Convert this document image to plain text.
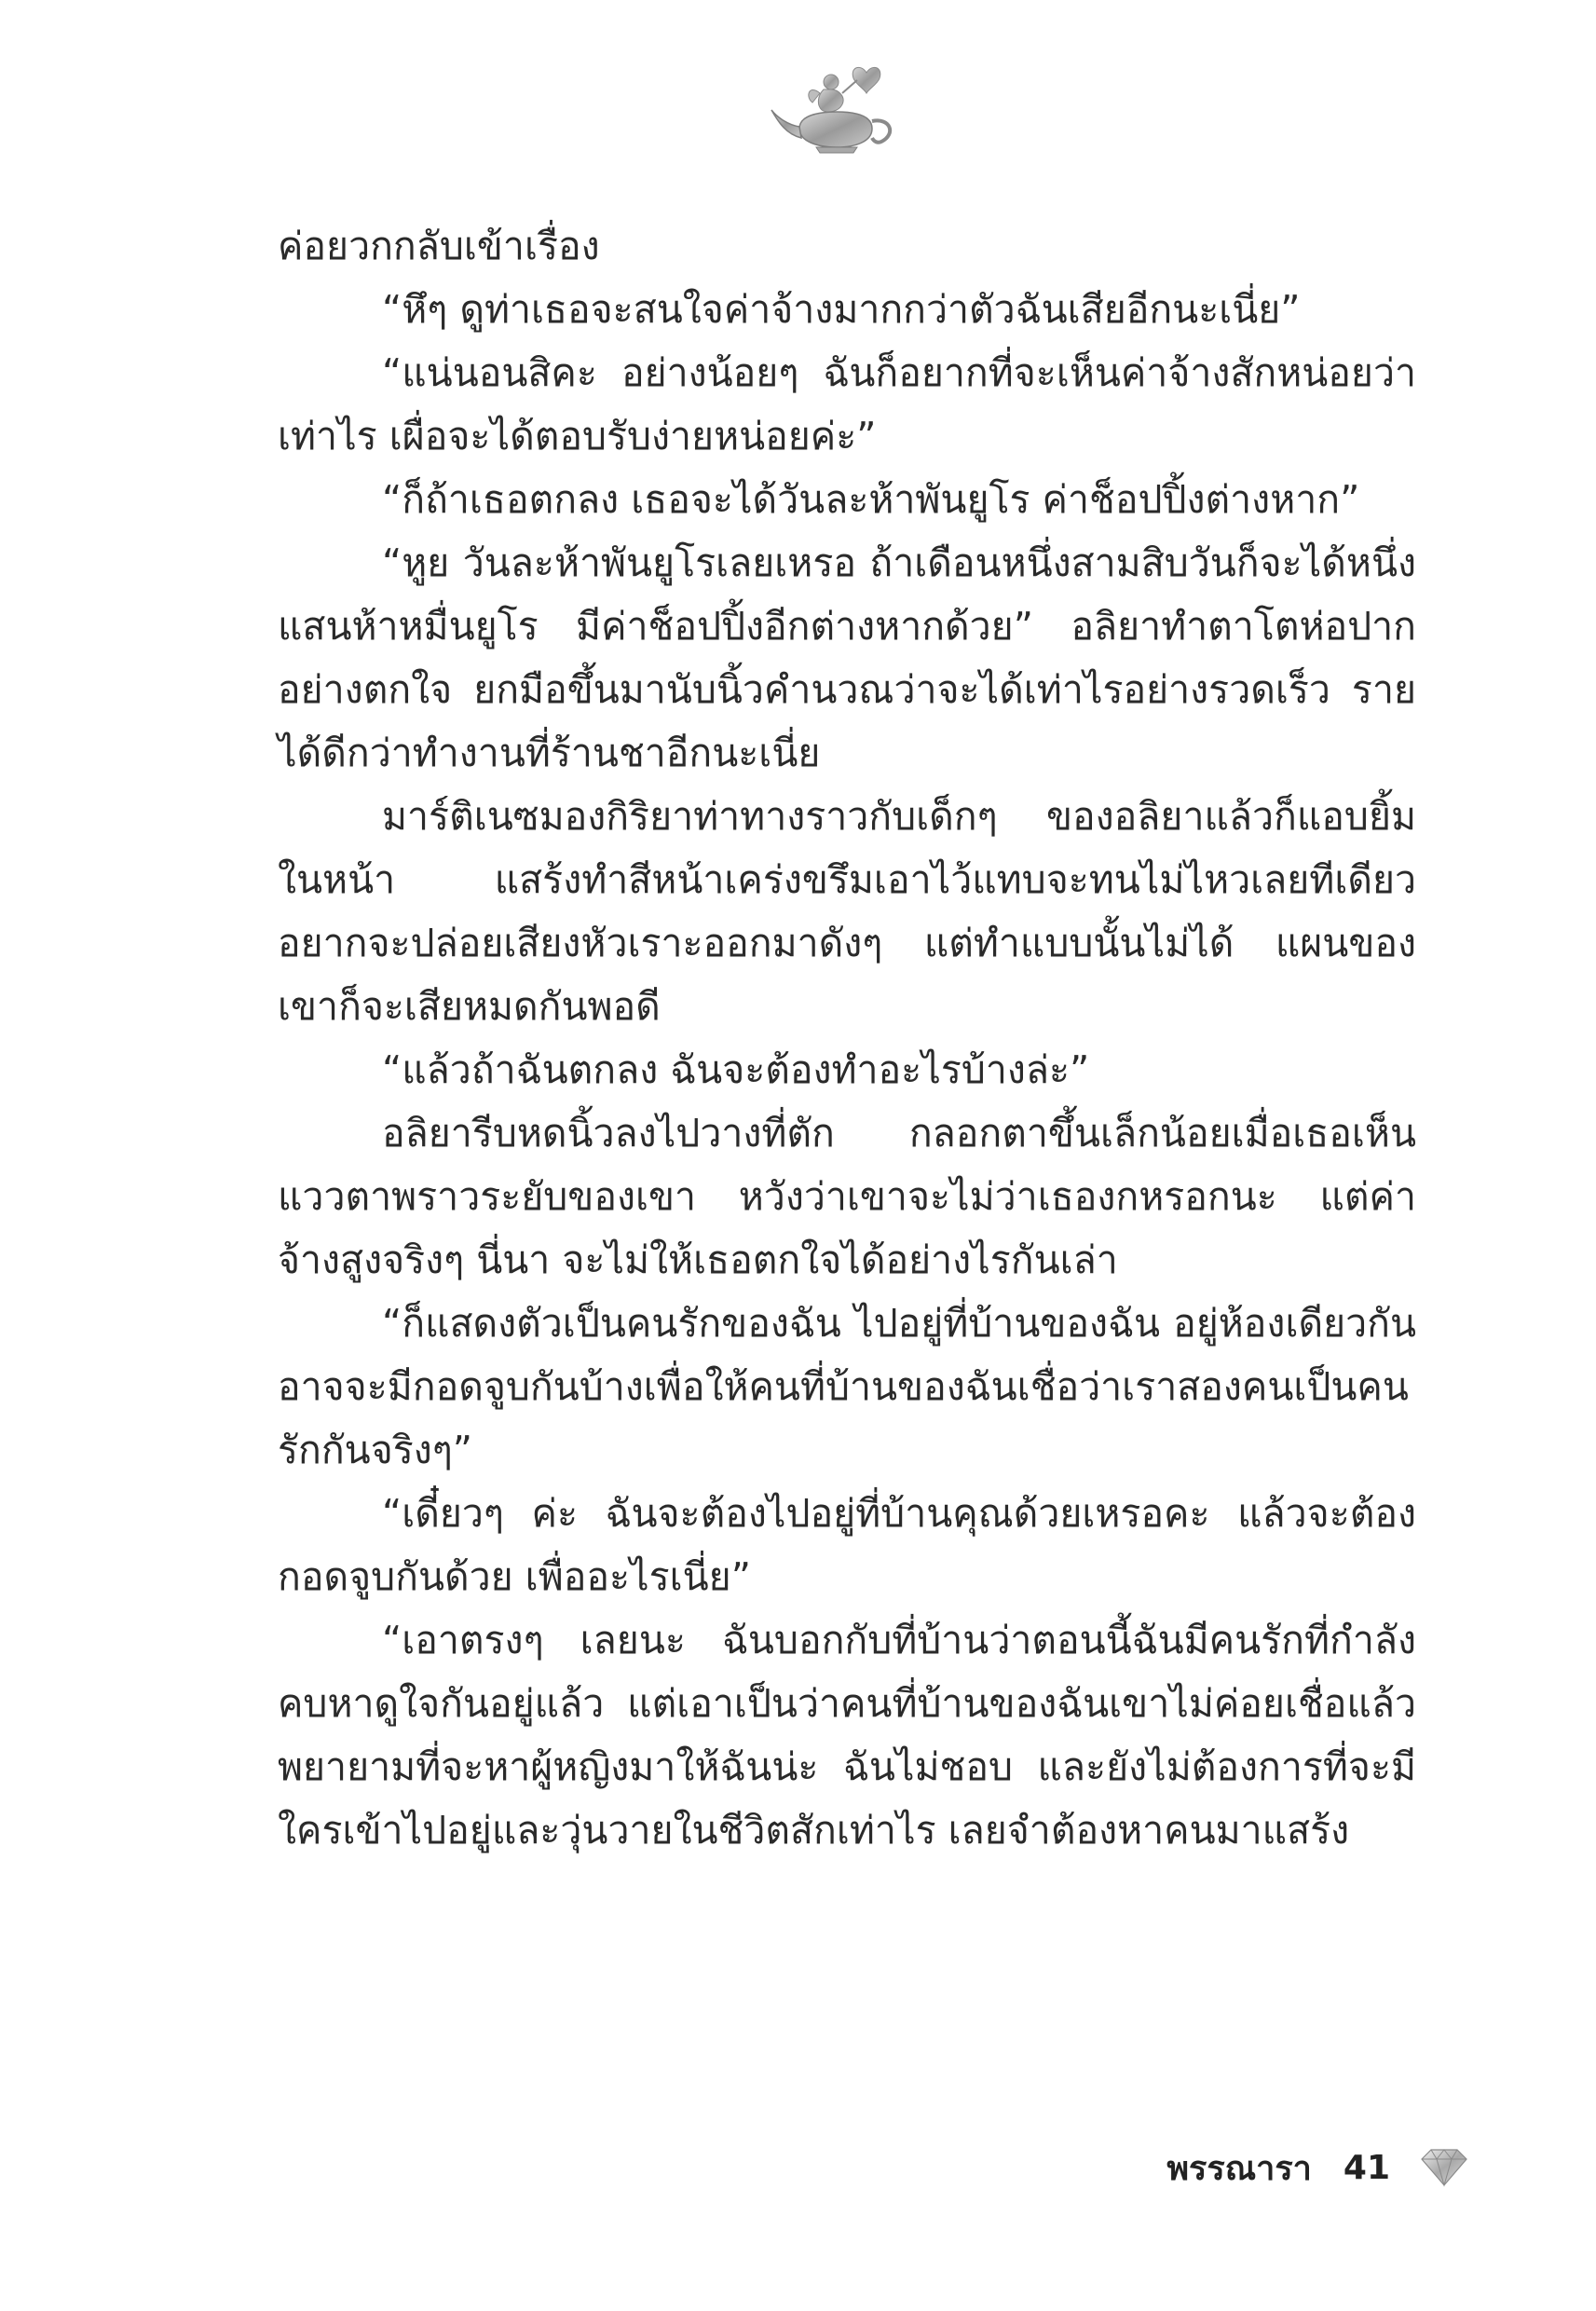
ค่อยวกกลับเข้าเรื่อง

“หึๆ ดูท่าเธอจะสนใจค่าจ้างมากกว่าตัวฉันเสียอีกนะเนี่ย”

“แน่นอนสิคะ อย่างน้อยๆ ฉันก็อยากที่จะเห็นค่าจ้างสักหน่อยว่าเท่าไร เผื่อจะได้ตอบรับง่ายหน่อยค่ะ”

“ก็ถ้าเธอตกลง เธอจะได้วันละห้าพันยูโร ค่าช็อปปิ้งต่างหาก”

“หูย วันละห้าพันยูโรเลยเหรอ ถ้าเดือนหนึ่งสามสิบวันก็จะได้หนึ่งแสนห้าหมื่นยูโร มีค่าช็อปปิ้งอีกต่างหากด้วย” อลิยาทำตาโตห่อปากอย่างตกใจ ยกมือขึ้นมานับนิ้วคำนวณว่าจะได้เท่าไรอย่างรวดเร็ว รายได้ดีกว่าทำงานที่ร้านชาอีกนะเนี่ย

มาร์ติเนซมองกิริยาท่าทางราวกับเด็กๆ ของอลิยาแล้วก็แอบยิ้มในหน้า แสร้งทำสีหน้าเคร่งขรึมเอาไว้แทบจะทนไม่ไหวเลยทีเดียว อยากจะปล่อยเสียงหัวเราะออกมาดังๆ แต่ทำแบบนั้นไม่ได้ แผนของเขาก็จะเสียหมดกันพอดี

“แล้วถ้าฉันตกลง ฉันจะต้องทำอะไรบ้างล่ะ”

อลิยารีบหดนิ้วลงไปวางที่ตัก กลอกตาขึ้นเล็กน้อยเมื่อเธอเห็นแววตาพราวระยับของเขา หวังว่าเขาจะไม่ว่าเธองกหรอกนะ แต่ค่าจ้างสูงจริงๆ นี่นา จะไม่ให้เธอตกใจได้อย่างไรกันเล่า

“ก็แสดงตัวเป็นคนรักของฉัน ไปอยู่ที่บ้านของฉัน อยู่ห้องเดียวกัน อาจจะมีกอดจูบกันบ้างเพื่อให้คนที่บ้านของฉันเชื่อว่าเราสองคนเป็นคนรักกันจริงๆ”

“เดี๋ยวๆ ค่ะ ฉันจะต้องไปอยู่ที่บ้านคุณด้วยเหรอคะ แล้วจะต้องกอดจูบกันด้วย เพื่ออะไรเนี่ย”

“เอาตรงๆ เลยนะ ฉันบอกกับที่บ้านว่าตอนนี้ฉันมีคนรักที่กำลังคบหาดูใจกันอยู่แล้ว แต่เอาเป็นว่าคนที่บ้านของฉันเขาไม่ค่อยเชื่อแล้วพยายามที่จะหาผู้หญิงมาให้ฉันน่ะ ฉันไม่ชอบ และยังไม่ต้องการที่จะมีใครเข้าไปอยู่และวุ่นวายในชีวิตสักเท่าไร เลยจำต้องหาคนมาแสร้ง

พรรณารา 41
